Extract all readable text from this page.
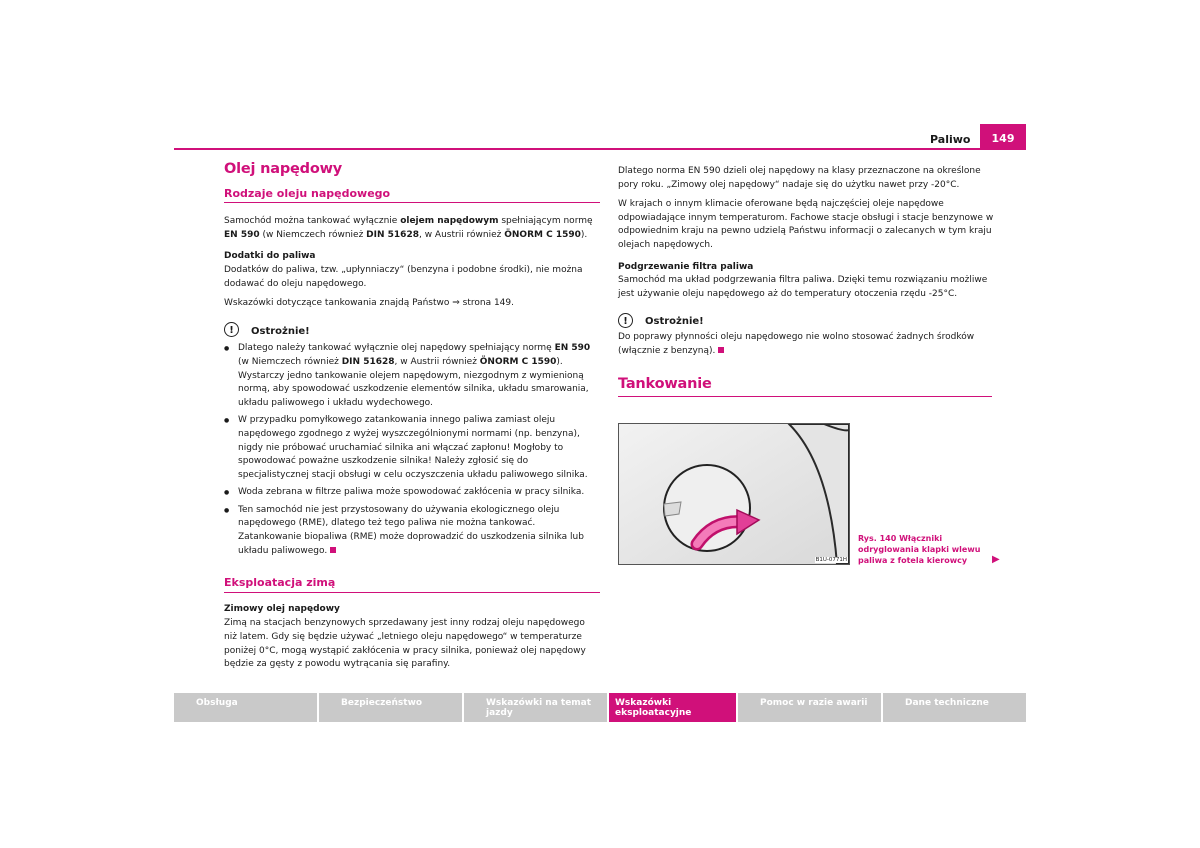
Paliwo	149
Olej napędowy
Rodzaje oleju napędowego

Samochód można tankować wyłącznie olejem napędowym spełniającym normę EN 590 (w Niemczech również DIN 51628, w Austrii również ÖNORM C 1590).

Dodatki do paliwa

Dodatków do paliwa, tzw. „upłynniaczy“ (benzyna i podobne środki), nie można dodawać do oleju napędowego.

Wskazówki dotyczące tankowania znajdą Państwo ⇒ strona 149.

!	Ostrożnie!
● Dlatego należy tankować wyłącznie olej napędowy spełniający normę EN 590 (w Niemczech również DIN 51628, w Austrii również ÖNORM C 1590). Wystarczy jedno tankowanie olejem napędowym, niezgodnym z wymienioną normą, aby spowodować uszkodzenie elementów silnika, układu smarowania, układu paliwowego i układu wydechowego.
● W przypadku pomyłkowego zatankowania innego paliwa zamiast oleju napędowego zgodnego z wyżej wyszczególnionymi normami (np. benzyna), nigdy nie próbować uruchamiać silnika ani włączać zapłonu! Mogłoby to spowodować poważne uszkodzenie silnika! Należy zgłosić się do specjalistycznej stacji obsługi w celu oczyszczenia układu paliwowego silnika.
● Woda zebrana w filtrze paliwa może spowodować zakłócenia w pracy silnika.
● Ten samochód nie jest przystosowany do używania ekologicznego oleju napędowego (RME), dlatego też tego paliwa nie można tankować. Zatankowanie biopaliwa (RME) może doprowadzić do uszkodzenia silnika lub układu paliwowego.
Eksploatacja zimą
Zimowy olej napędowy

Zimą na stacjach benzynowych sprzedawany jest inny rodzaj oleju napędowego niż latem. Gdy się będzie używać „letniego oleju napędowego“ w temperaturze poniżej 0°C, mogą wystąpić zakłócenia w pracy silnika, ponieważ olej napędowy będzie za gęsty z powodu wytrącania się parafiny.

Dlatego norma EN 590 dzieli olej napędowy na klasy przeznaczone na określone pory roku. „Zimowy olej napędowy“ nadaje się do użytku nawet przy -20°C.

W krajach o innym klimacie oferowane będą najczęściej oleje napędowe odpowiadające innym temperaturom. Fachowe stacje obsługi i stacje benzynowe w odpowiednim kraju na pewno udzielą Państwu informacji o zalecanych w tym kraju olejach napędowych.

Podgrzewanie filtra paliwa

Samochód ma układ podgrzewania filtra paliwa. Dzięki temu rozwiązaniu możliwe jest używanie oleju napędowego aż do temperatury otoczenia rzędu -25°C.

!	Ostrożnie!

Do poprawy płynności oleju napędowego nie wolno stosować żadnych środków (włącznie z benzyną).

Tankowanie
B1U-0771H
Rys. 140 Włączniki odryglowania klapki wlewu paliwa z fotela kierowcy	▶
Obsługa	Bezpieczeństwo	Wskazówki na temat jazdy
Wskazówki eksploatacyjne
Pomoc w razie awarii	Dane techniczne
